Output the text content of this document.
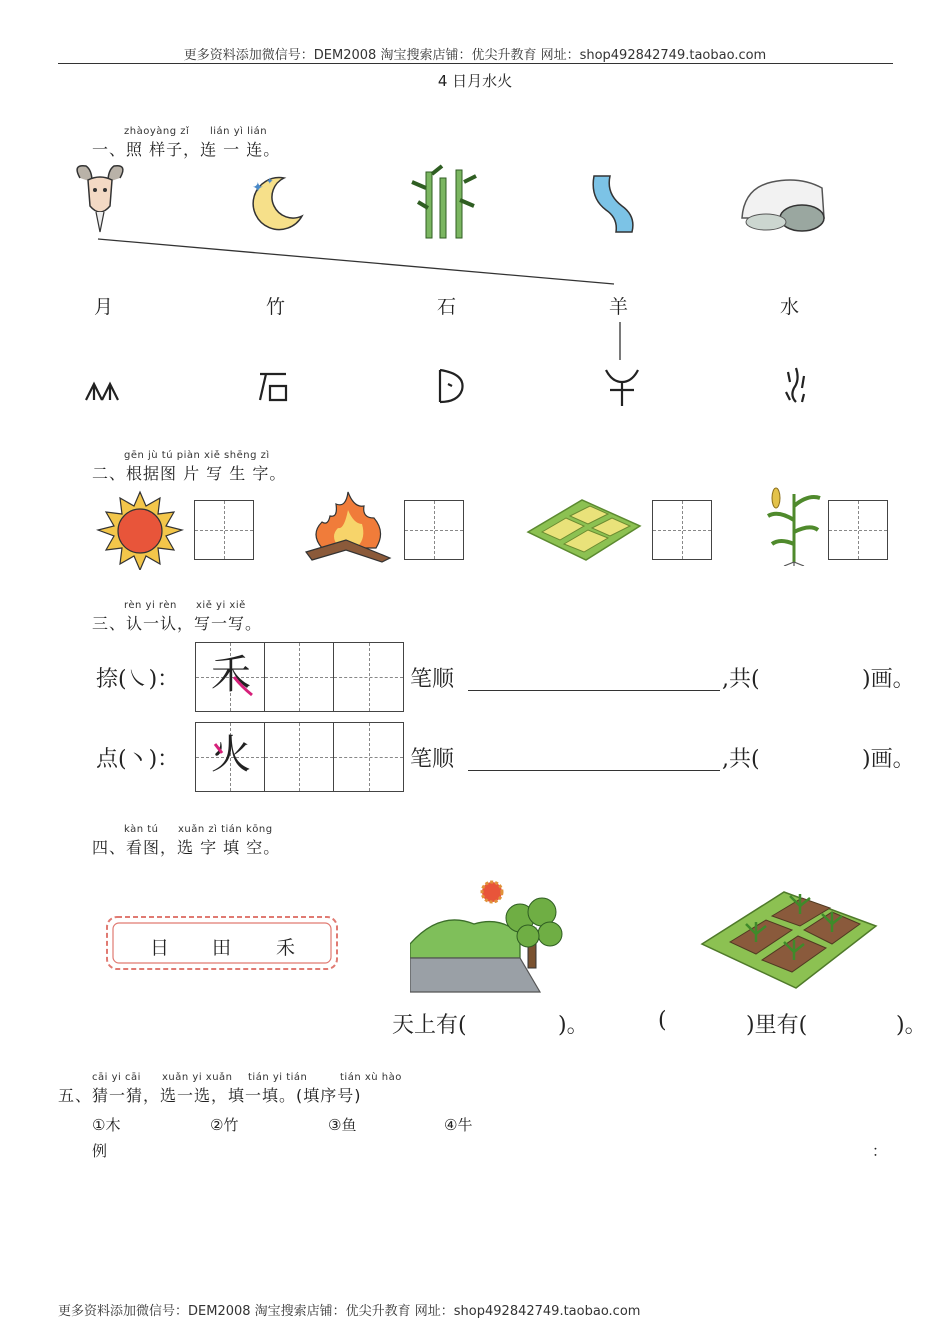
更多资料添加微信号：DEM2008 淘宝搜索店铺：优尖升教育 网址：shop492842749.taobao.com
4 日月水火
zhàoyàng zǐ lián yì lián
一、照 样子，连 一 连。
✦ ✦
月	竹	石	羊	水
gēn jù tú piàn xiě shēng zì
二、根据图 片 写 生 字。
rèn yi rèn xiě yi xiě
三、认一认，写一写。
捺(㇏)： 禾	笔顺	,共(	)画。
点(丶)： 火	笔顺	,共(	)画。
kàn tú xuǎn zì tián kōng
四、看图，选 字 填 空。
日 田 禾
天上有(	)。	(	)里有(	)。
cāi yi cāi xuǎn yi xuǎn tián yi tián	tián xù hào
五、猜一猜，选一选，填一填。(填序号)
①木	②竹	③鱼	④牛
例	：
更多资料添加微信号：DEM2008 淘宝搜索店铺：优尖升教育 网址：shop492842749.taobao.com
